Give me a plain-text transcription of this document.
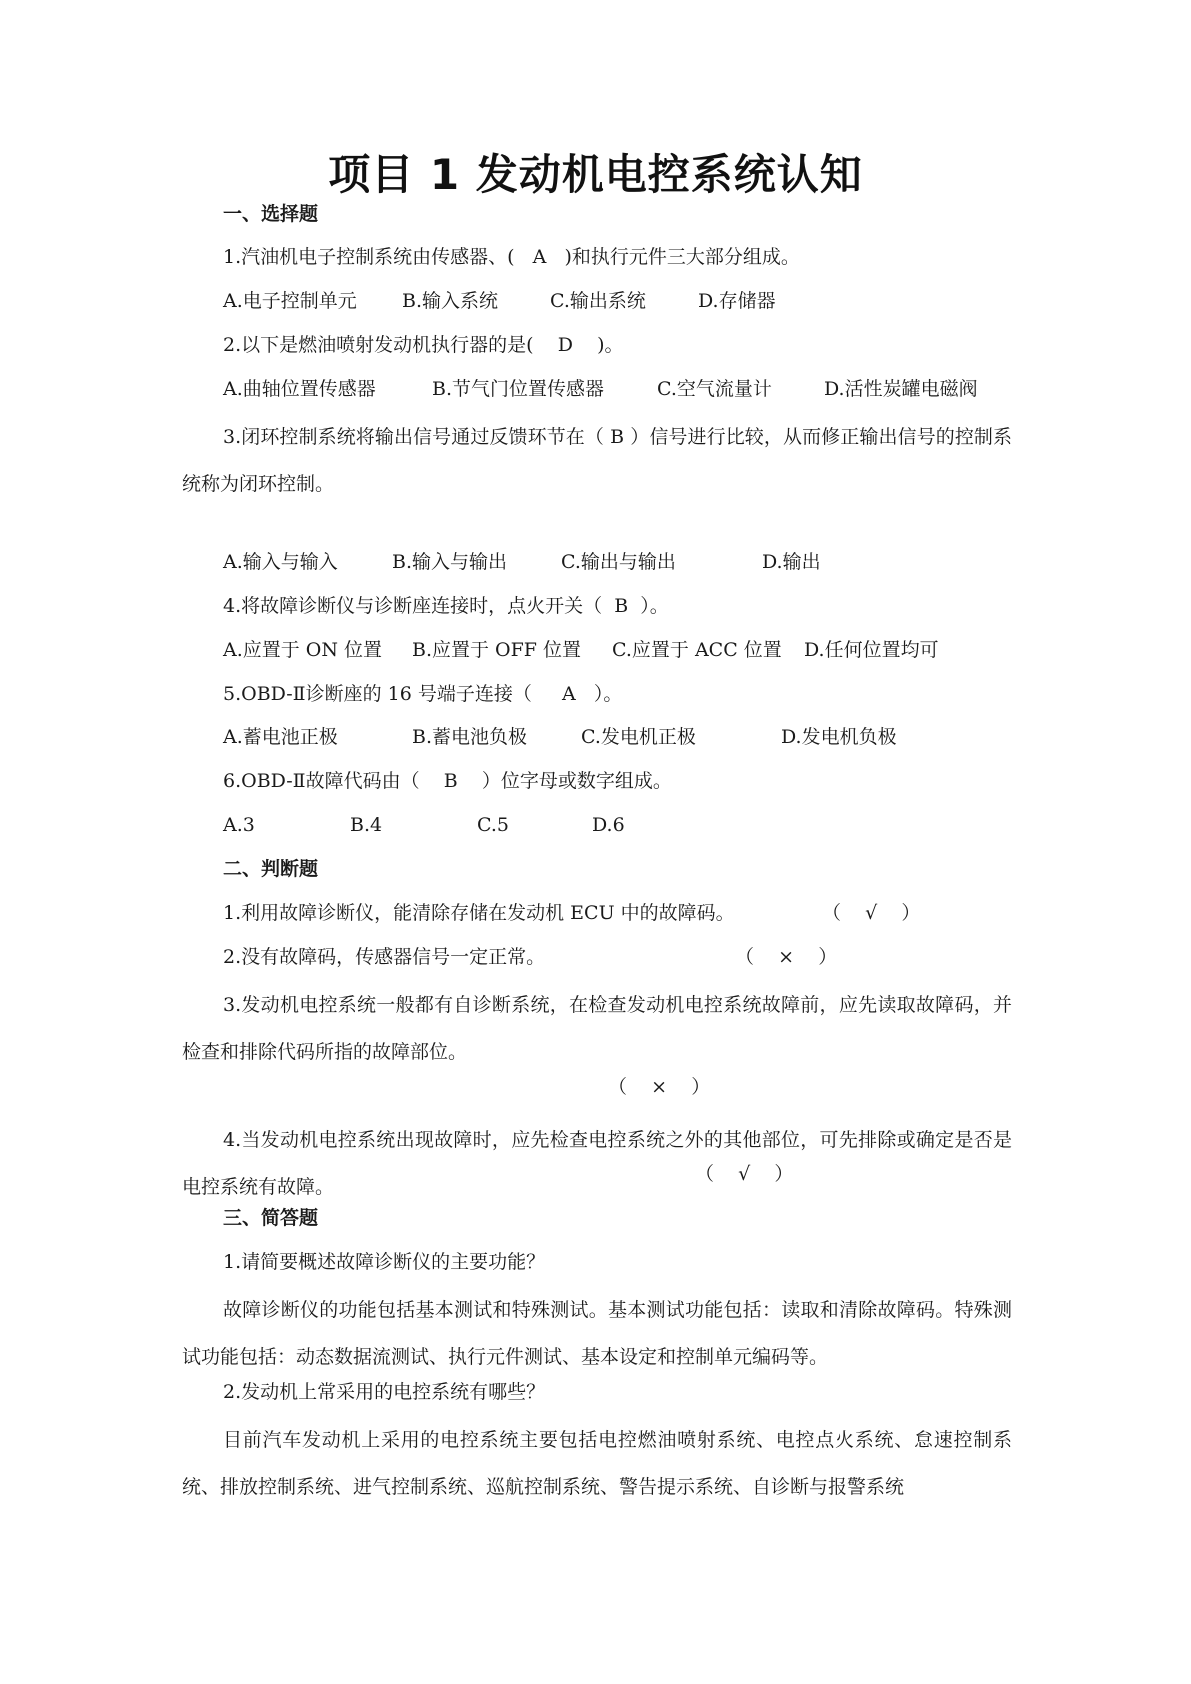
项目 1 发动机电控系统认知
一、选择题
1.汽油机电子控制系统由传感器、(   A   )和执行元件三大部分组成。
A.电子控制单元 B.输入系统	C.输出系统	D.存储器
2.以下是燃油喷射发动机执行器的是(    D    )。
A.曲轴位置传感器	B.节气门位置传感器	C.空气流量计	D.活性炭罐电磁阀
3.闭环控制系统将输出信号通过反馈环节在（ B ）信号进行比较，从而修正输出信号的控制系统称为闭环控制。
A.输入与输入	B.输入与输出	C.输出与输出	D.输出
4.将故障诊断仪与诊断座连接时，点火开关（  B  ）。
A.应置于 ON 位置 B.应置于 OFF 位置 C.应置于 ACC 位置 D.任何位置均可
5.OBD-Ⅱ诊断座的 16 号端子连接（     A   ）。
A.蓄电池正极	B.蓄电池负极	C.发电机正极	D.发电机负极
6.OBD-Ⅱ故障代码由（    B    ）位字母或数字组成。
A.3	B.4	C.5	D.6
二、判断题
1.利用故障诊断仪，能清除存储在发动机 ECU 中的故障码。	（    √    ）
2.没有故障码，传感器信号一定正常。	（    ×    ）
3.发动机电控系统一般都有自诊断系统，在检查发动机电控系统故障前，应先读取故障码，并检查和排除代码所指的故障部位。
（    ×    ）
4.当发动机电控系统出现故障时，应先检查电控系统之外的其他部位，可先排除或确定是否是电控系统有故障。
（    √    ）
三、简答题
1.请简要概述故障诊断仪的主要功能？
故障诊断仪的功能包括基本测试和特殊测试。基本测试功能包括：读取和清除故障码。特殊测试功能包括：动态数据流测试、执行元件测试、基本设定和控制单元编码等。
2.发动机上常采用的电控系统有哪些？
目前汽车发动机上采用的电控系统主要包括电控燃油喷射系统、电控点火系统、怠速控制系统、排放控制系统、进气控制系统、巡航控制系统、警告提示系统、自诊断与报警系统
